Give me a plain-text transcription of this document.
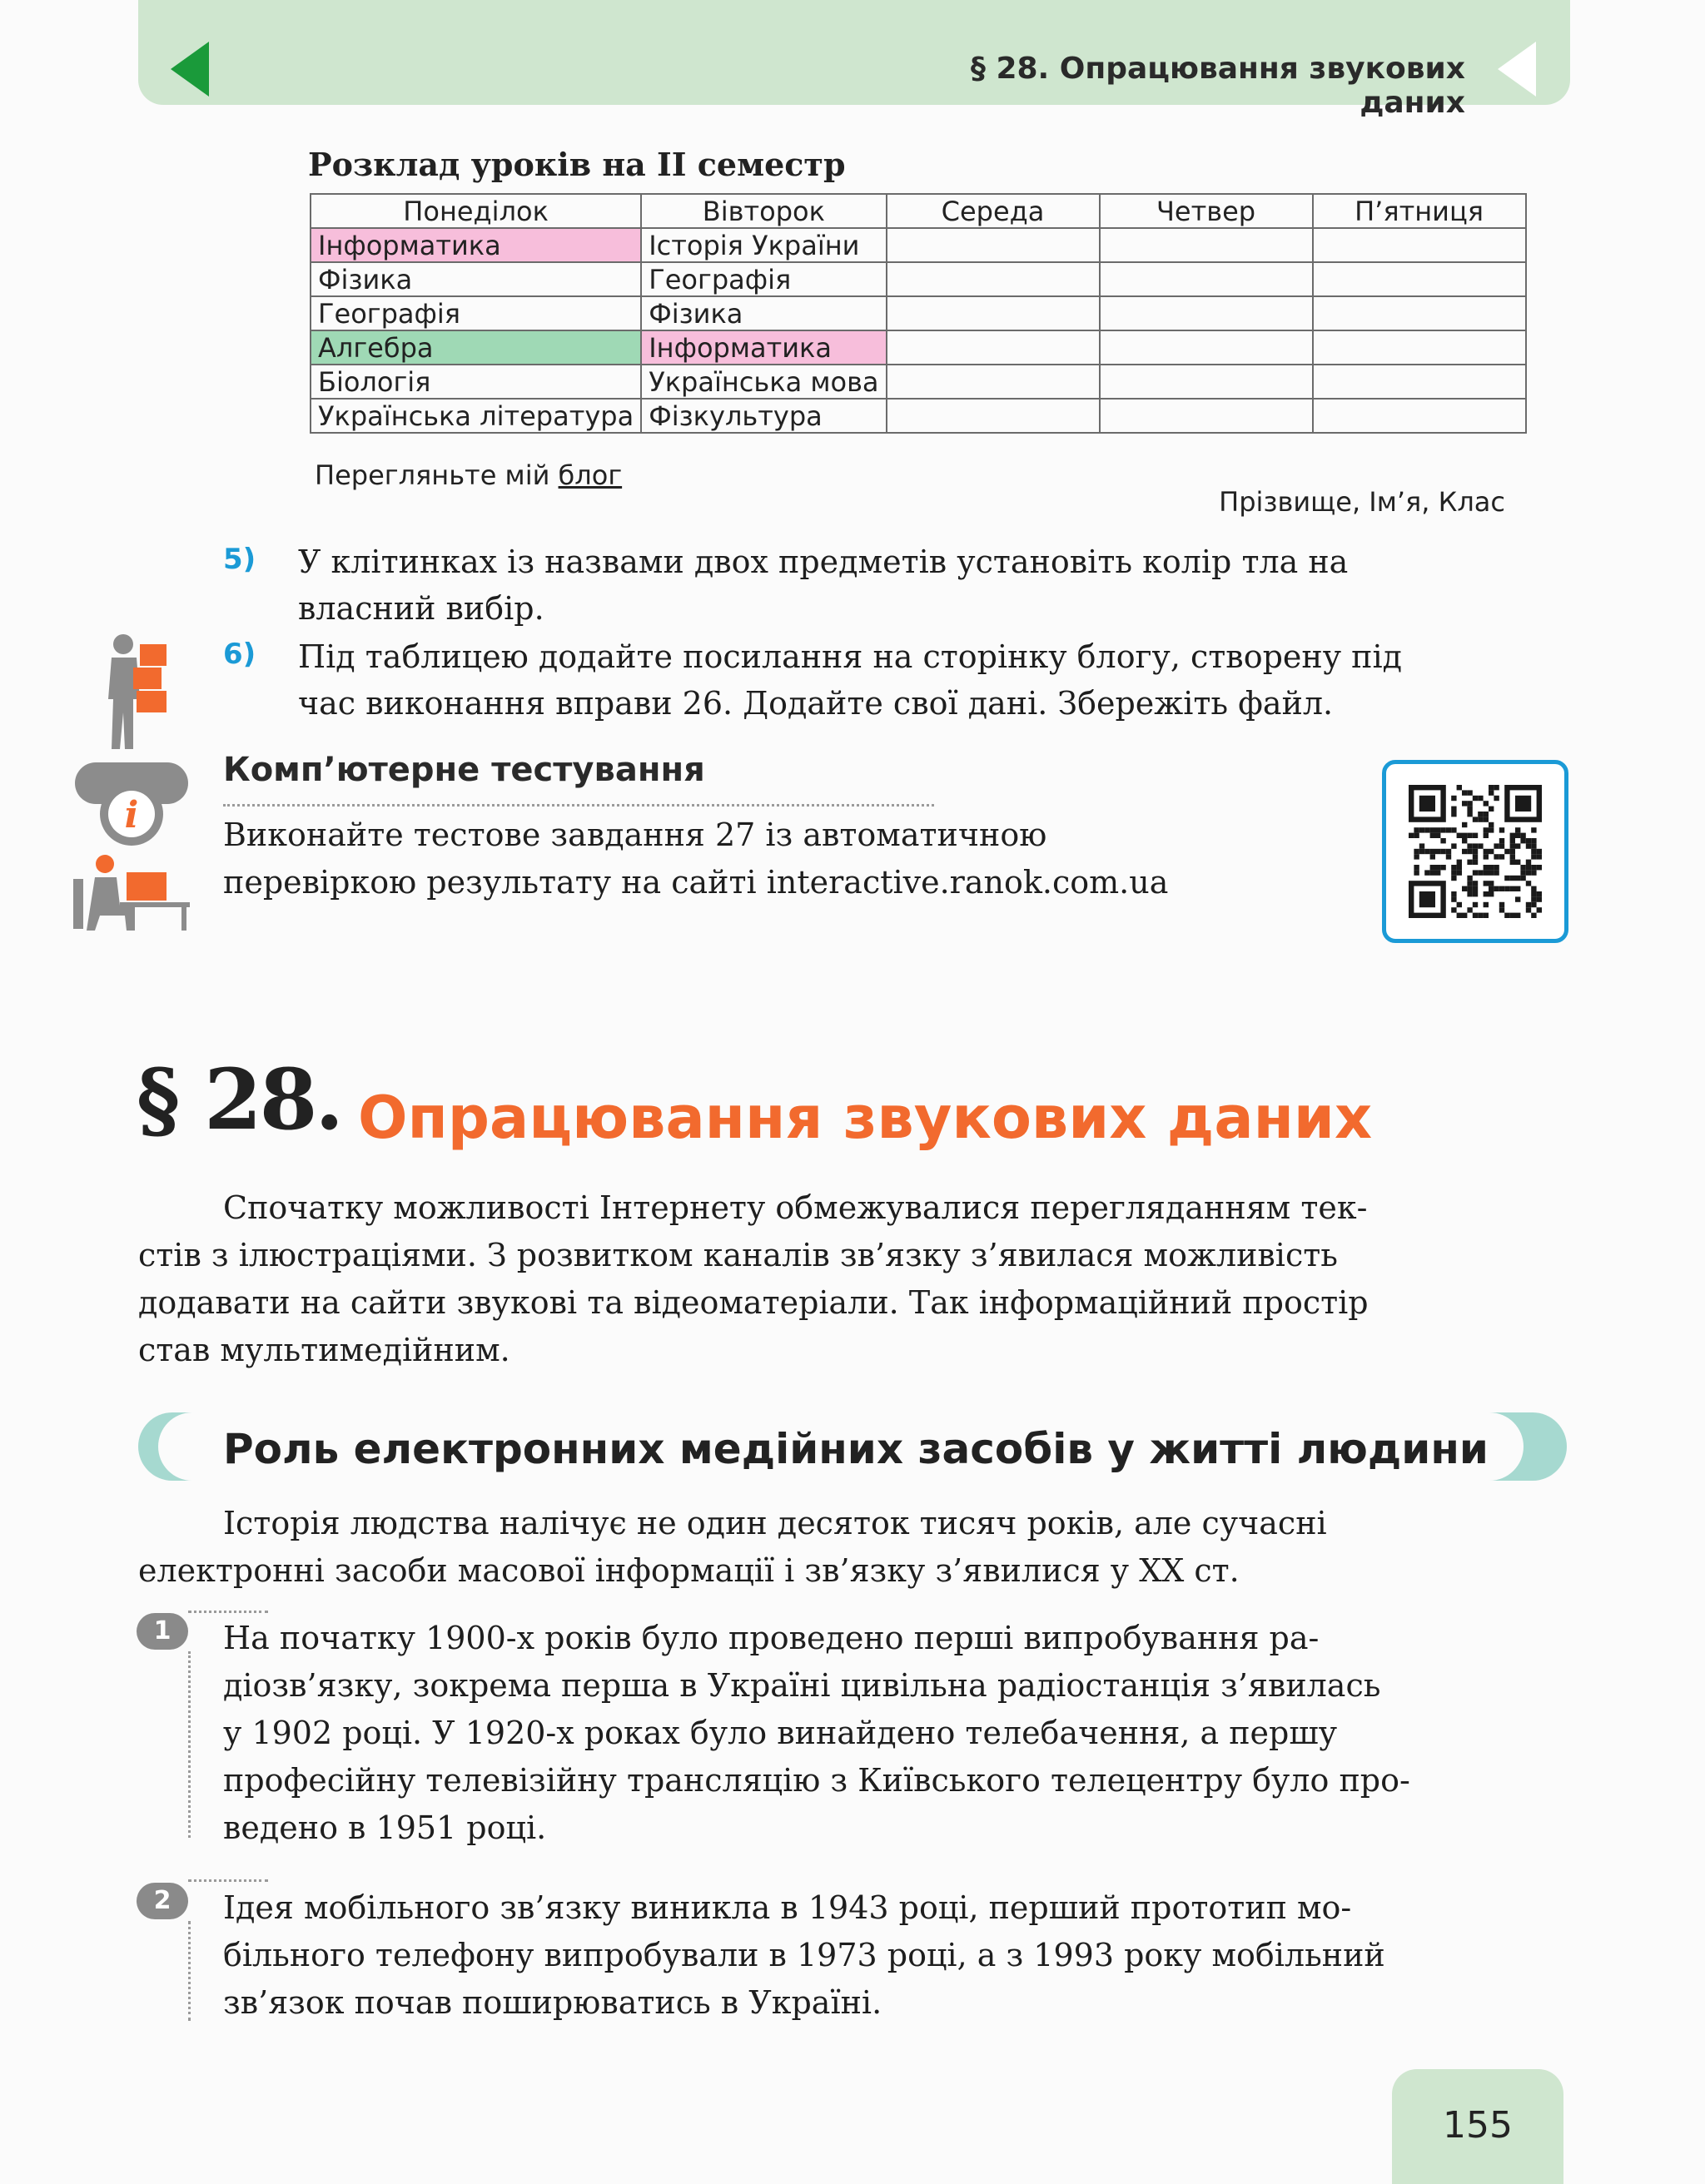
§ 28. Опрацювання звукових даних
Розклад уроків на ІІ семестр
Понеділок	Вівторок	Середа	Четвер	П’ятниця
Інформатика	Історія України			
Фізика	Географія			
Географія	Фізика			
Алгебра	Інформатика			
Біологія	Українська мова			
Українська література	Фізкультура			
Перегляньте мій блог
Прізвище, Ім’я, Клас
5) У клітинках із назвами двох предметів установіть колір тла на
власний вибір.
6) Під таблицею додайте посилання на сторінку блогу, створену під
час виконання вправи 26. Додайте свої дані. Збережіть файл.
i
Комп’ютерне тестування
Виконайте тестове завдання 27 із автоматичною
перевіркою результату на сайті interactive.ranok.com.ua
§ 28. Опрацювання звукових даних
Спочатку можливості Інтернету обмежувалися перегляданням тек-
стів з ілюстраціями. З розвитком каналів зв’язку з’явилася можливість
додавати на сайти звукові та відеоматеріали. Так інформаційний простір
став мультимедійним.
Роль електронних медійних засобів у житті людини
Історія людства налічує не один десяток тисяч років, але сучасні
електронні засоби масової інформації і зв’язку з’явилися у ХХ ст.
1	На початку 1900-х років було проведено перші випробування ра-
діозв’язку, зокрема перша в Україні цивільна радіостанція з’явилась
у 1902 році. У 1920-х роках було винайдено телебачення, а першу
професійну телевізійну трансляцію з Київського телецентру було про-
ведено в 1951 році.
2	Ідея мобільного зв’язку виникла в 1943 році, перший прототип мо-
більного телефону випробували в 1973 році, а з 1993 року мобільний
зв’язок почав поширюватись в Україні.
155
